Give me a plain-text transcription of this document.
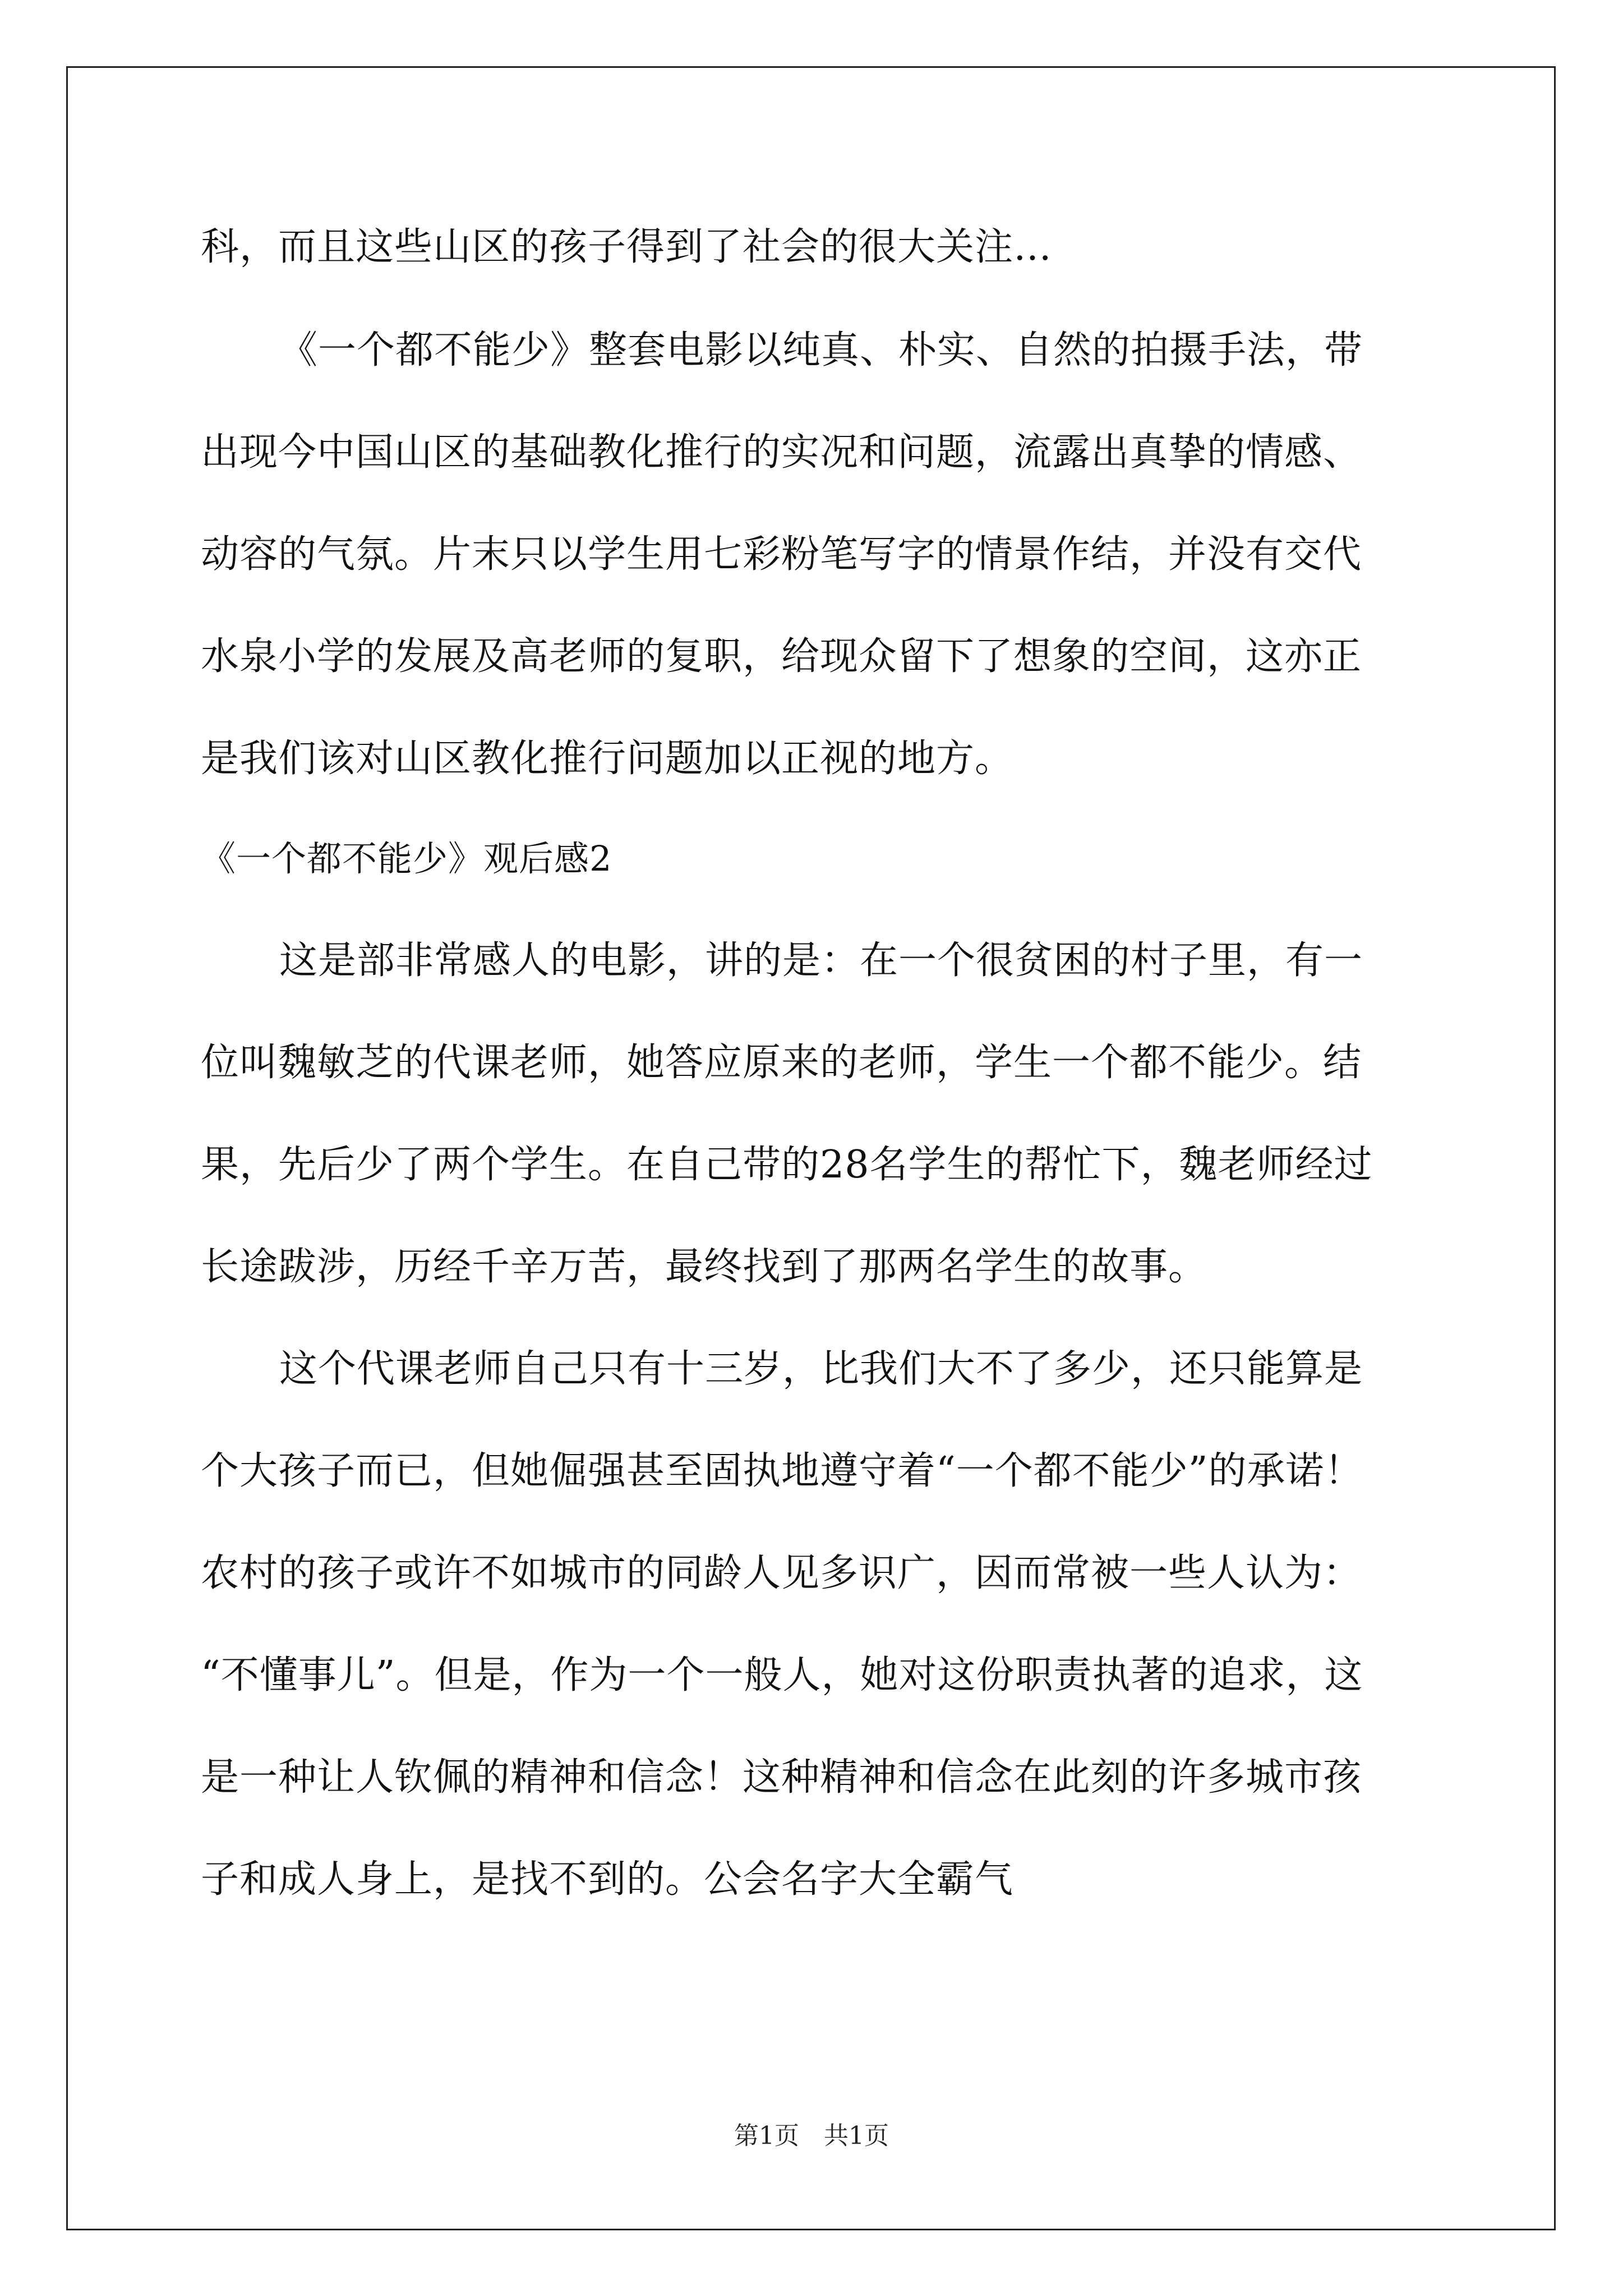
科，而且这些山区的孩子得到了社会的很大关注…
《一个都不能少》整套电影以纯真、朴实、自然的拍摄手法，带
出现今中国山区的基础教化推行的实况和问题，流露出真挚的情感、
动容的气氛。片末只以学生用七彩粉笔写字的情景作结，并没有交代
水泉小学的发展及高老师的复职，给现众留下了想象的空间，这亦正
是我们该对山区教化推行问题加以正视的地方。
《一个都不能少》观后感2
这是部非常感人的电影，讲的是：在一个很贫困的村子里，有一
位叫魏敏芝的代课老师，她答应原来的老师，学生一个都不能少。结
果，先后少了两个学生。在自己带的28名学生的帮忙下，魏老师经过
长途跋涉，历经千辛万苦，最终找到了那两名学生的故事。
这个代课老师自己只有十三岁，比我们大不了多少，还只能算是
个大孩子而已，但她倔强甚至固执地遵守着“一个都不能少”的承诺！
农村的孩子或许不如城市的同龄人见多识广，因而常被一些人认为：
“不懂事儿”。但是，作为一个一般人，她对这份职责执著的追求，这
是一种让人钦佩的精神和信念！这种精神和信念在此刻的许多城市孩
子和成人身上，是找不到的。公会名字大全霸气
第1页　共1页
